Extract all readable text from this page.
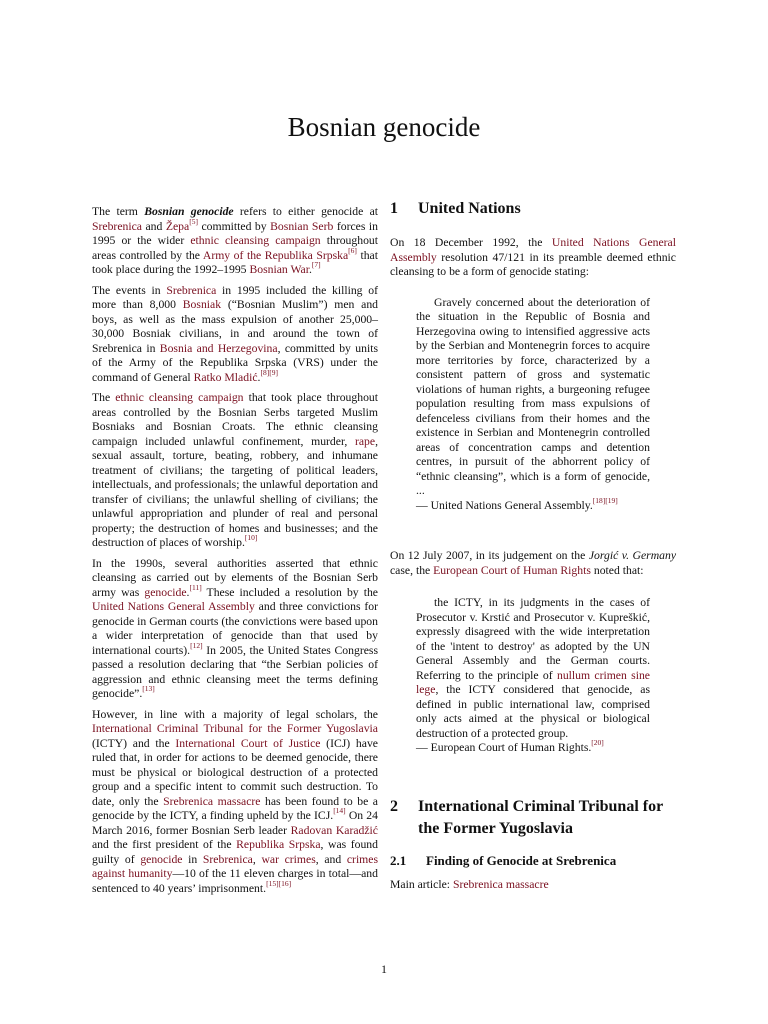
Bosnian genocide

The term Bosnian genocide refers to either genocide at Srebrenica and Žepa[5] committed by Bosnian Serb forces in 1995 or the wider ethnic cleansing campaign throughout areas controlled by the Army of the Republika Srpska[6] that took place during the 1992–1995 Bosnian War.[7]

The events in Srebrenica in 1995 included the killing of more than 8,000 Bosniak (“Bosnian Muslim”) men and boys, as well as the mass expulsion of another 25,000–30,000 Bosniak civilians, in and around the town of Srebrenica in Bosnia and Herzegovina, committed by units of the Army of the Republika Srpska (VRS) under the command of General Ratko Mladić.[8][9]

The ethnic cleansing campaign that took place throughout areas controlled by the Bosnian Serbs targeted Muslim Bosniaks and Bosnian Croats. The ethnic cleansing campaign included unlawful confinement, murder, rape, sexual assault, torture, beating, robbery, and inhumane treatment of civilians; the targeting of political leaders, intellectuals, and professionals; the unlawful deportation and transfer of civilians; the unlawful shelling of civilians; the unlawful appropriation and plunder of real and personal property; the destruction of homes and businesses; and the destruction of places of worship.[10]

In the 1990s, several authorities asserted that ethnic cleansing as carried out by elements of the Bosnian Serb army was genocide.[11] These included a resolution by the United Nations General Assembly and three convictions for genocide in German courts (the convictions were based upon a wider interpretation of genocide than that used by international courts).[12] In 2005, the United States Congress passed a resolution declaring that “the Serbian policies of aggression and ethnic cleansing meet the terms defining genocide”.[13]

However, in line with a majority of legal scholars, the International Criminal Tribunal for the Former Yugoslavia (ICTY) and the International Court of Justice (ICJ) have ruled that, in order for actions to be deemed genocide, there must be physical or biological destruction of a protected group and a specific intent to commit such destruction. To date, only the Srebrenica massacre has been found to be a genocide by the ICTY, a finding upheld by the ICJ.[14] On 24 March 2016, former Bosnian Serb leader Radovan Karadžić and the first president of the Republika Srpska, was found guilty of genocide in Srebrenica, war crimes, and crimes against humanity—10 of the 11 eleven charges in total—and sentenced to 40 years’ imprisonment.[15][16]

1	United Nations

On 18 December 1992, the United Nations General Assembly resolution 47/121 in its preamble deemed ethnic cleansing to be a form of genocide stating:

Gravely concerned about the deterioration of the situation in the Republic of Bosnia and Herzegovina owing to intensified aggressive acts by the Serbian and Montenegrin forces to acquire more territories by force, characterized by a consistent pattern of gross and systematic violations of human rights, a burgeoning refugee population resulting from mass expulsions of defenceless civilians from their homes and the existence in Serbian and Montenegrin controlled areas of concentration camps and detention centres, in pursuit of the abhorrent policy of “ethnic cleansing”, which is a form of genocide, ...

— United Nations General Assembly.[18][19]

On 12 July 2007, in its judgement on the Jorgić v. Germany case, the European Court of Human Rights noted that:

the ICTY, in its judgments in the cases of Prosecutor v. Krstić and Prosecutor v. Kupreškić, expressly disagreed with the wide interpretation of the 'intent to destroy' as adopted by the UN General Assembly and the German courts. Referring to the principle of nullum crimen sine lege, the ICTY considered that genocide, as defined in public international law, comprised only acts aimed at the physical or biological destruction of a protected group.

— European Court of Human Rights.[20]

2	International Criminal Tribunal for the Former Yugoslavia
2.1	Finding of Genocide at Srebrenica

Main article: Srebrenica massacre

1
